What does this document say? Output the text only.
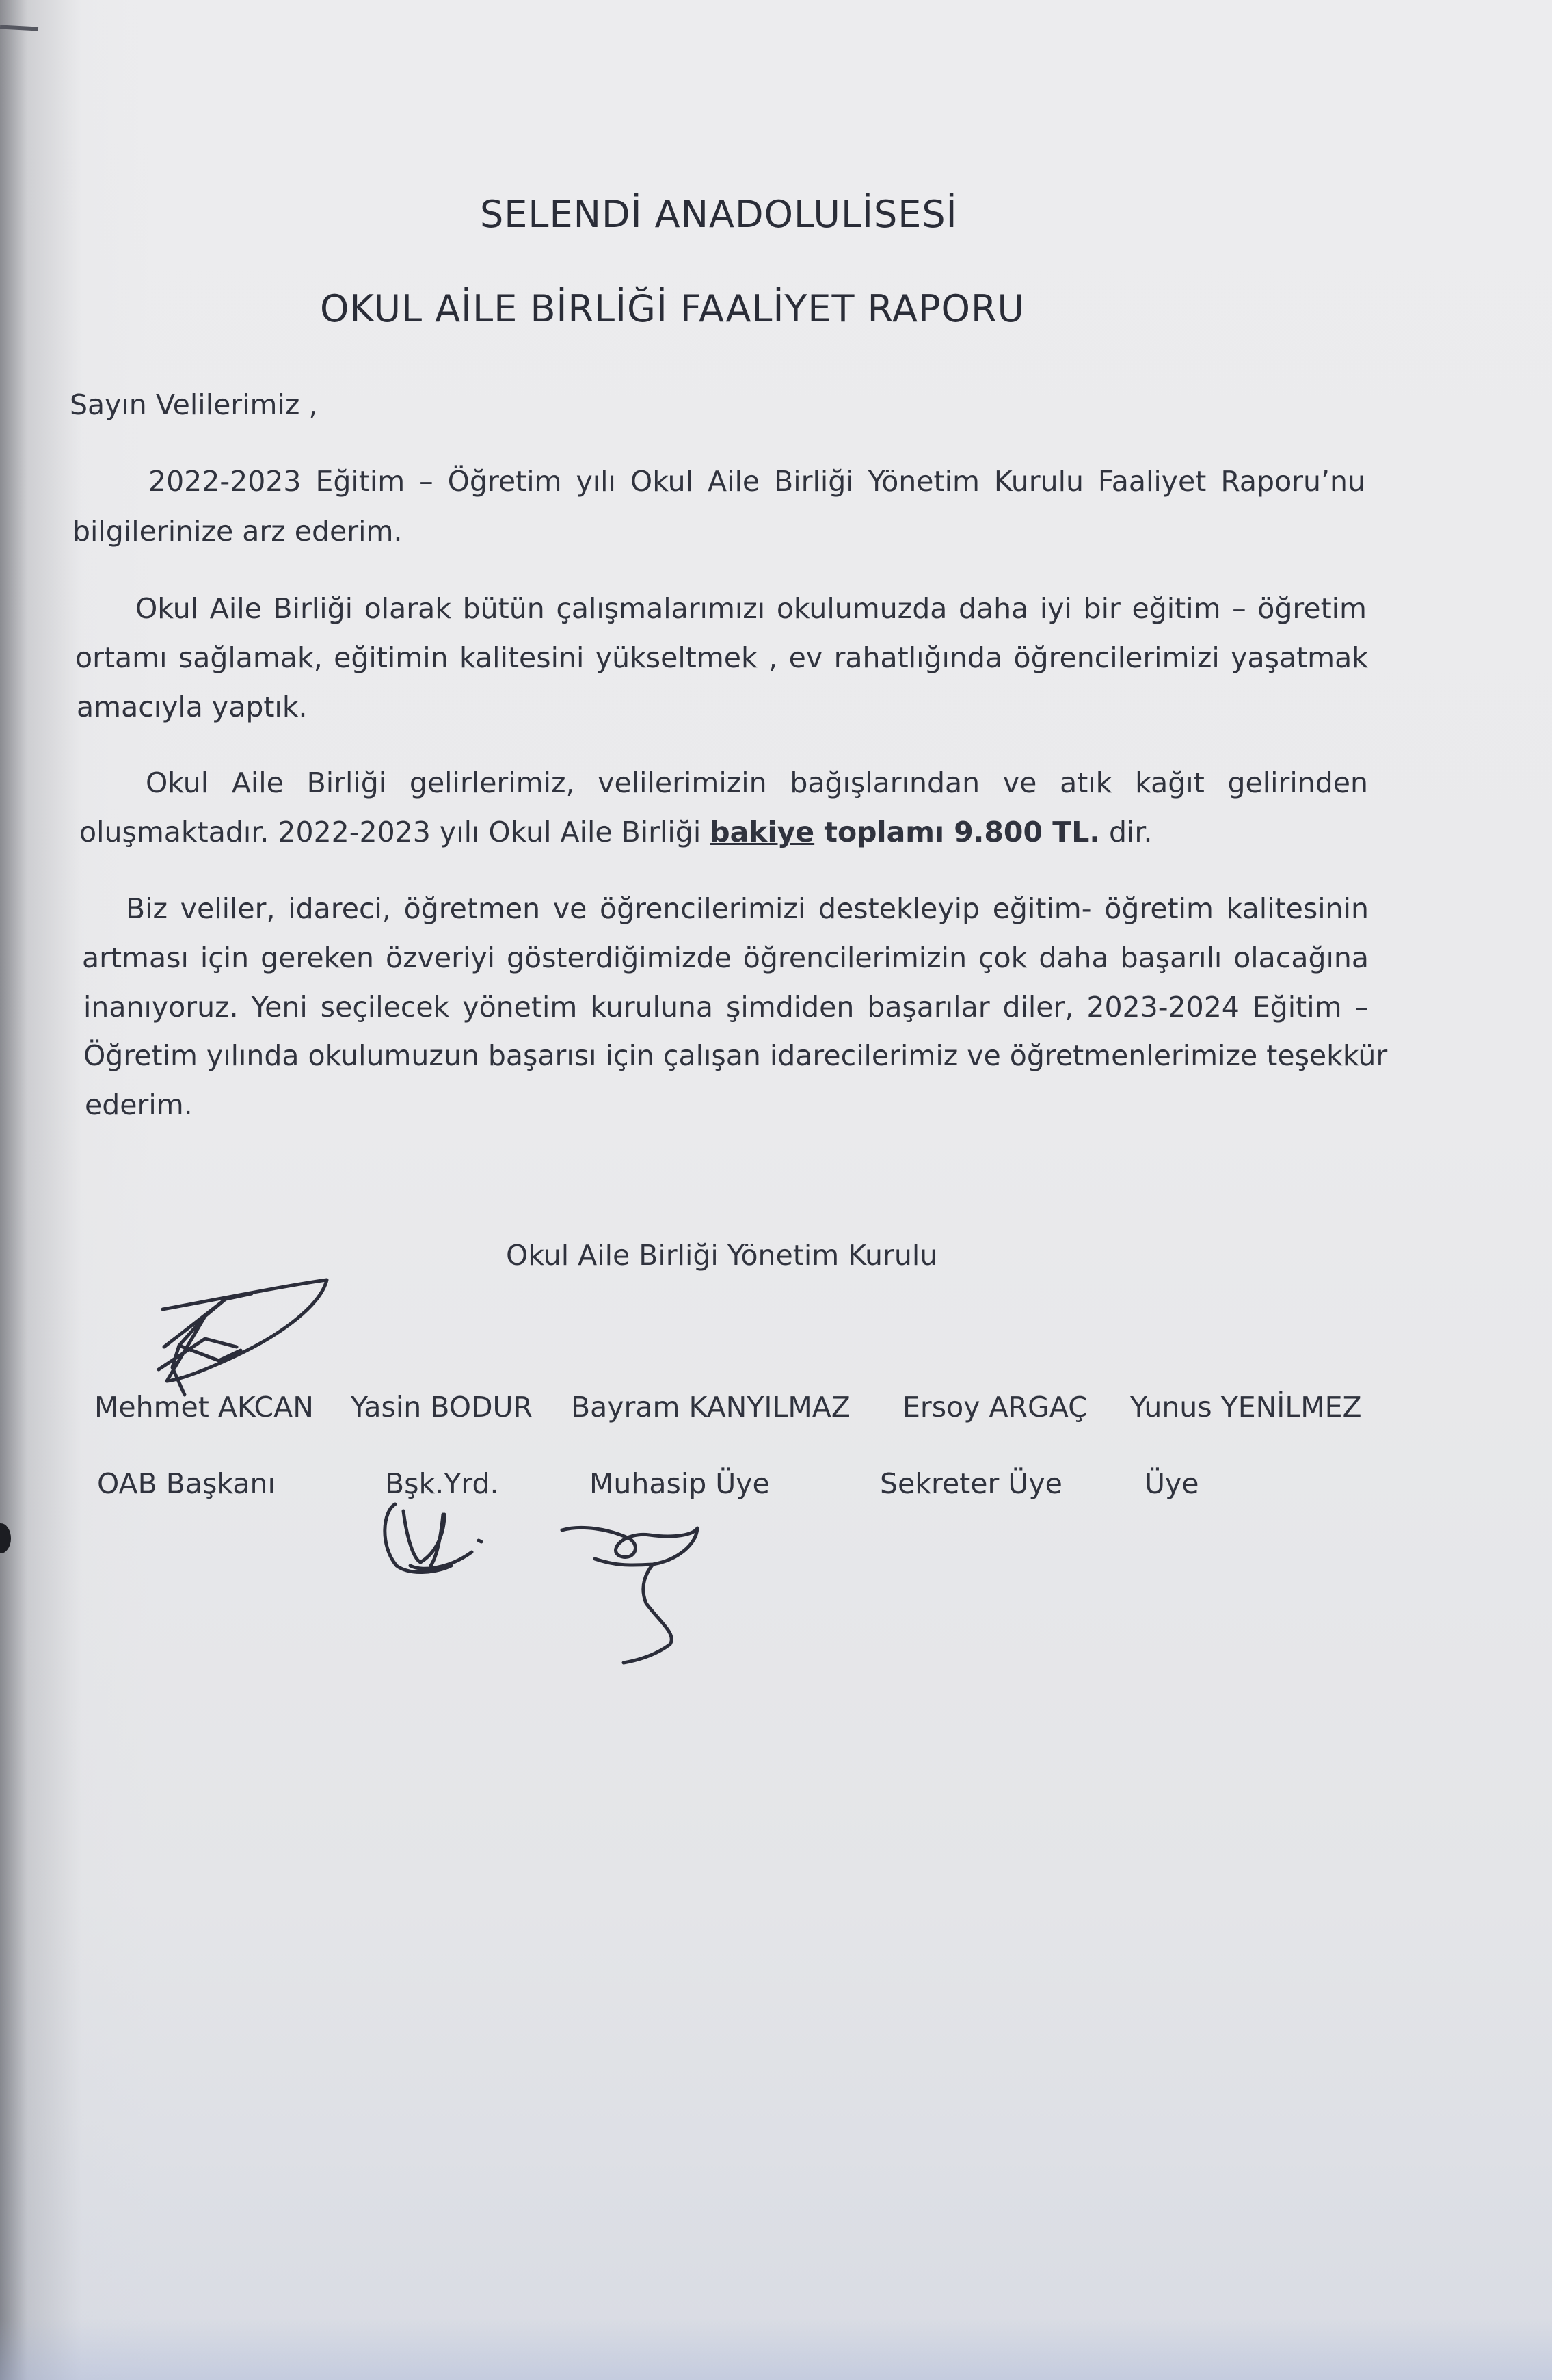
SELENDİ ANADOLULİSESİ
OKUL AİLE BİRLİĞİ FAALİYET RAPORU
Sayın Velilerimiz ,
2022-2023 Eğitim – Öğretim yılı Okul Aile Birliği Yönetim Kurulu Faaliyet Raporu’nu
bilgilerinize arz ederim.
Okul Aile Birliği olarak bütün çalışmalarımızı okulumuzda daha iyi bir eğitim – öğretim
ortamı sağlamak, eğitimin kalitesini yükseltmek , ev rahatlığında öğrencilerimizi yaşatmak
amacıyla yaptık.
Okul Aile Birliği gelirlerimiz, velilerimizin bağışlarından ve atık kağıt gelirinden
oluşmaktadır. 2022-2023 yılı Okul Aile Birliği bakiye toplamı 9.800 TL. dir.
Biz veliler, idareci, öğretmen ve öğrencilerimizi destekleyip eğitim- öğretim kalitesinin
artması için gereken özveriyi gösterdiğimizde öğrencilerimizin çok daha başarılı olacağına
inanıyoruz. Yeni seçilecek yönetim kuruluna şimdiden başarılar diler, 2023-2024 Eğitim –
Öğretim yılında okulumuzun başarısı için çalışan idarecilerimiz ve öğretmenlerimize teşekkür
ederim.
Okul Aile Birliği Yönetim Kurulu
Mehmet AKCAN Yasin BODUR Bayram KANYILMAZ Ersoy ARGAÇ Yunus YENİLMEZ
OAB Başkanı	Bşk.Yrd.	Muhasip Üye	Sekreter Üye	Üye
